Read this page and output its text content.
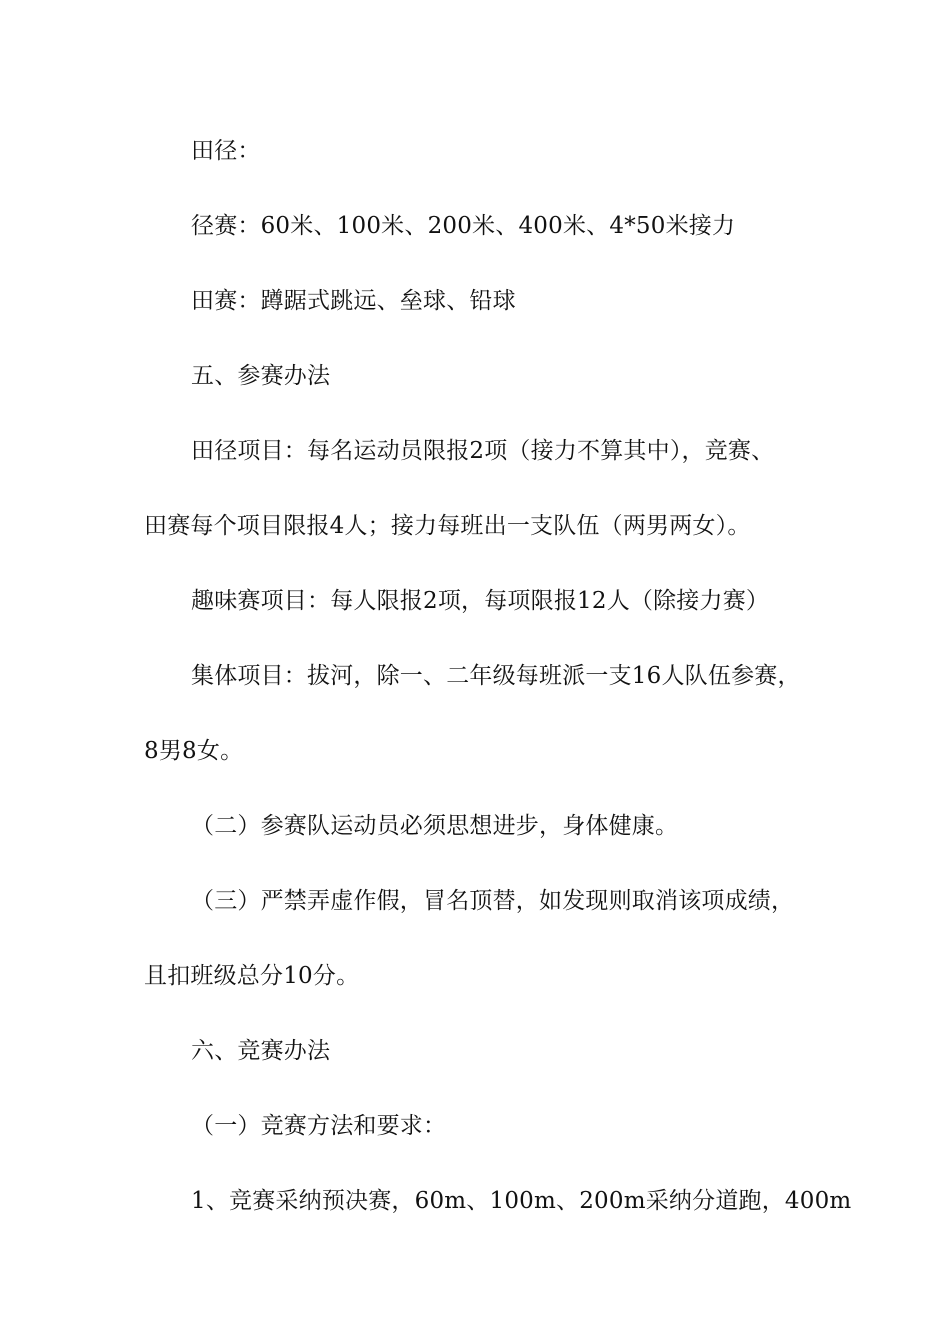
田径：
径赛：60米、100米、200米、400米、4*50米接力
田赛：蹲踞式跳远、垒球、铅球
五、参赛办法
田径项目：每名运动员限报2项（接力不算其中），竞赛、
田赛每个项目限报4人；接力每班出一支队伍（两男两女）。
趣味赛项目：每人限报2项，每项限报12人（除接力赛）
集体项目：拔河，除一、二年级每班派一支16人队伍参赛，
8男8女。
（二）参赛队运动员必须思想进步，身体健康。
（三）严禁弄虚作假，冒名顶替，如发现则取消该项成绩，
且扣班级总分10分。
六、竞赛办法
（一）竞赛方法和要求：
1、竞赛采纳预决赛，60m、100m、200m采纳分道跑，400m
